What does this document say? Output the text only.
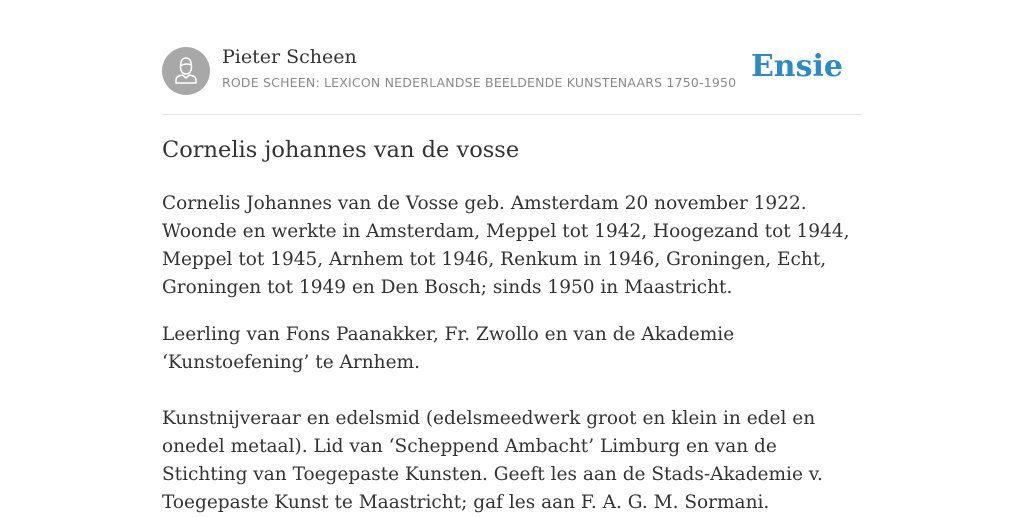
Pieter Scheen
RODE SCHEEN: LEXICON NEDERLANDSE BEELDENDE KUNSTENAARS 1750-1950 Ensie
Cornelis johannes van de vosse

Cornelis Johannes van de Vosse geb. Amsterdam 20 november 1922. Woonde en werkte in Amsterdam, Meppel tot 1942, Hoogezand tot 1944, Meppel tot 1945, Arnhem tot 1946, Renkum in 1946, Groningen, Echt, Groningen tot 1949 en Den Bosch; sinds 1950 in Maastricht.

Leerling van Fons Paanakker, Fr. Zwollo en van de Akademie ‘Kunstoefening’ te Arnhem.

Kunstnijveraar en edelsmid (edelsmeedwerk groot en klein in edel en onedel metaal). Lid van ‘Scheppend Ambacht’ Limburg en van de Stichting van Toegepaste Kunsten. Geeft les aan de Stads-Akademie v. Toegepaste Kunst te Maastricht; gaf les aan F. A. G. M. Sormani.
